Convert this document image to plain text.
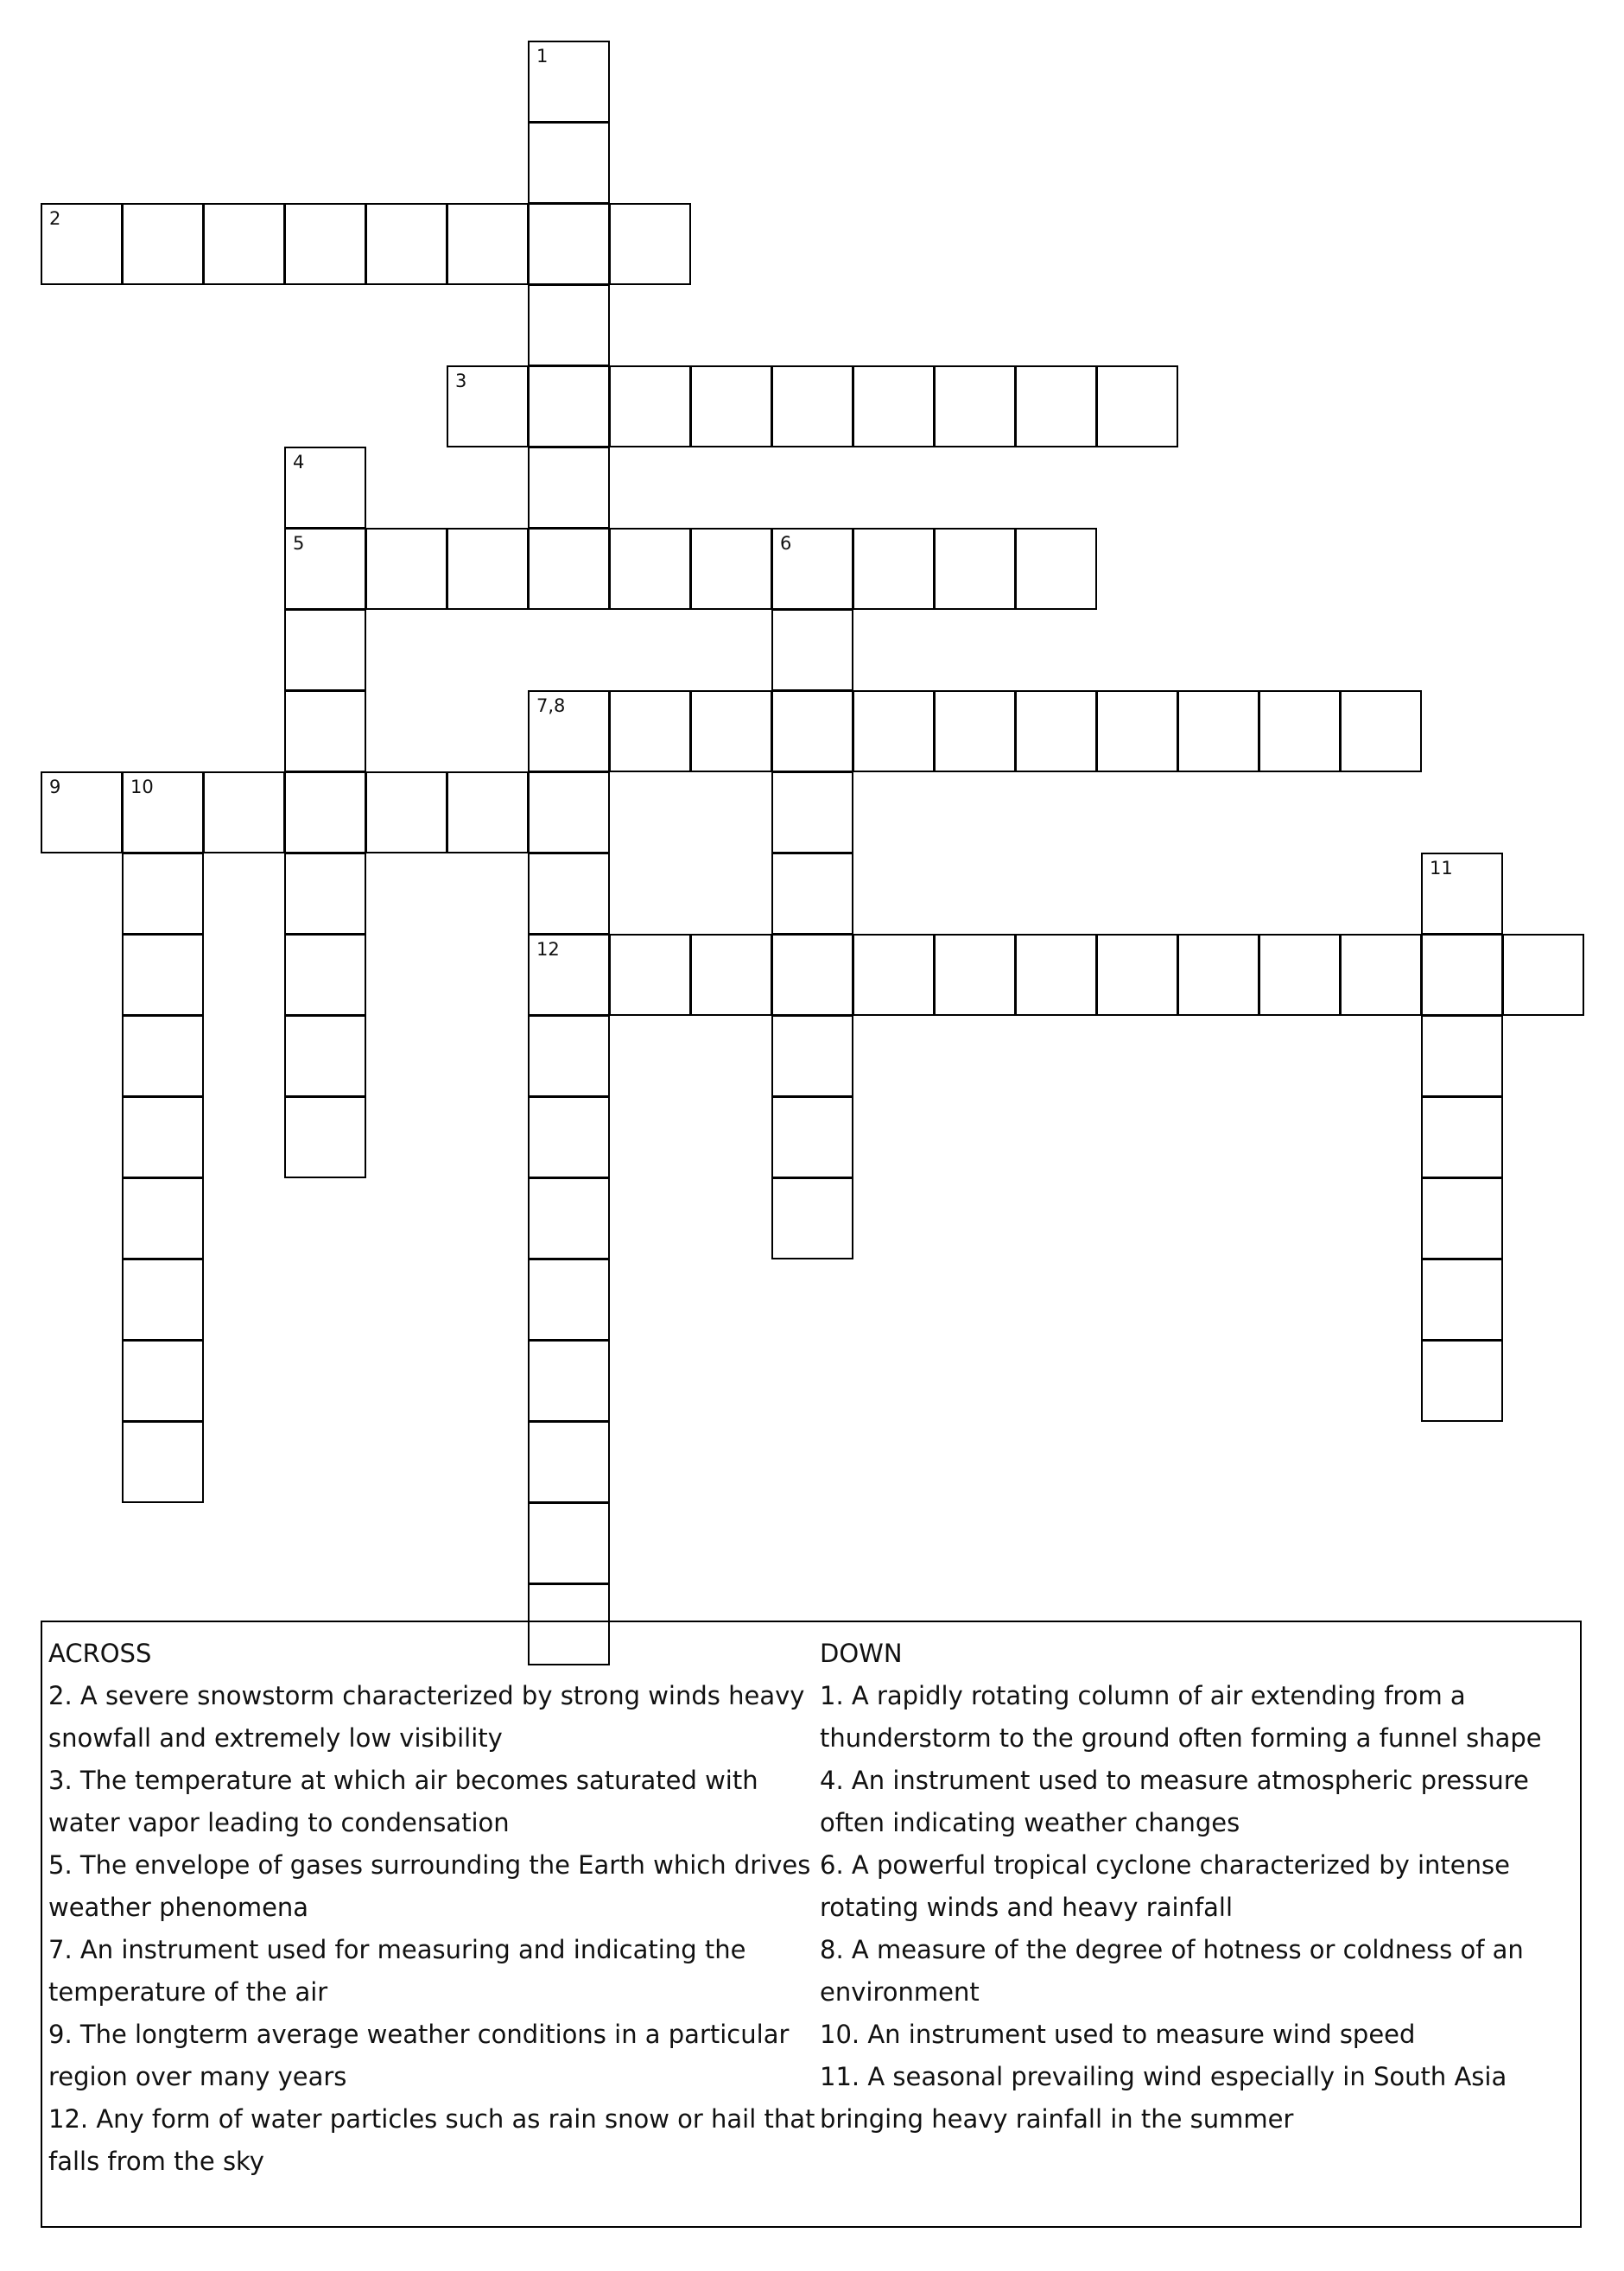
1
2
3
4
5	6
7,8
9	10
11
12

ACROSS

2. A severe snowstorm characterized by strong winds heavy snowfall and extremely low visibility

3. The temperature at which air becomes saturated with water vapor leading to condensation

5. The envelope of gases surrounding the Earth which drives weather phenomena

7. An instrument used for measuring and indicating the temperature of the air

9. The longterm average weather conditions in a particular region over many years

12. Any form of water particles such as rain snow or hail that falls from the sky

DOWN

1. A rapidly rotating column of air extending from a thunderstorm to the ground often forming a funnel shape

4. An instrument used to measure atmospheric pressure often indicating weather changes

6. A powerful tropical cyclone characterized by intense rotating winds and heavy rainfall

8. A measure of the degree of hotness or coldness of an environment

10. An instrument used to measure wind speed

11. A seasonal prevailing wind especially in South Asia bringing heavy rainfall in the summer
